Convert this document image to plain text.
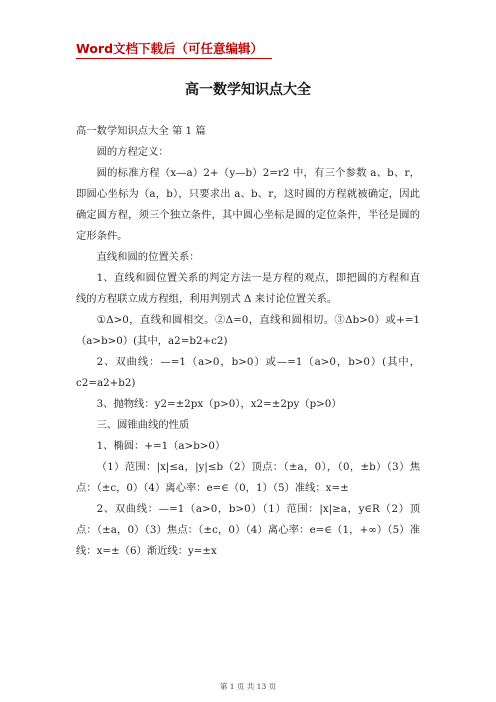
Word文档下载后（可任意编辑）
高一数学知识点大全

高一数学知识点大全 第 1 篇

圆的方程定义：

圆的标准方程（x—a）2+（y—b）2=r2 中，有三个参数 a、b、r，即圆心坐标为（a，b），只要求出 a、b、r，这时圆的方程就被确定，因此确定圆方程，须三个独立条件，其中圆心坐标是圆的定位条件，半径是圆的定形条件。

直线和圆的位置关系：

1、直线和圆位置关系的判定方法一是方程的观点，即把圆的方程和直线的方程联立成方程组，利用判别式 Δ 来讨论位置关系。

①Δ>0，直线和圆相交。②Δ=0，直线和圆相切。③Δb>0）或+=1（a>b>0）(其中，a2=b2+c2)

2、双曲线：—=1（a>0，b>0）或—=1（a>0，b>0）(其中，c2=a2+b2)

3、抛物线：y2=±2px（p>0），x2=±2py（p>0）

三、圆锥曲线的性质

1、椭圆：+=1（a>b>0）

（1）范围：|x|≤a，|y|≤b（2）顶点：（±a，0），（0，±b）（3）焦点：（±c，0）（4）离心率：e=∈（0，1）（5）准线：x=±

2、双曲线：—=1（a>0，b>0）（1）范围：|x|≥a，y∈R（2）顶点：（±a，0）（3）焦点：（±c，0）（4）离心率：e=∈（1，+∞）（5）准线：x=±（6）渐近线：y=±x

第 1 页 共 13 页
